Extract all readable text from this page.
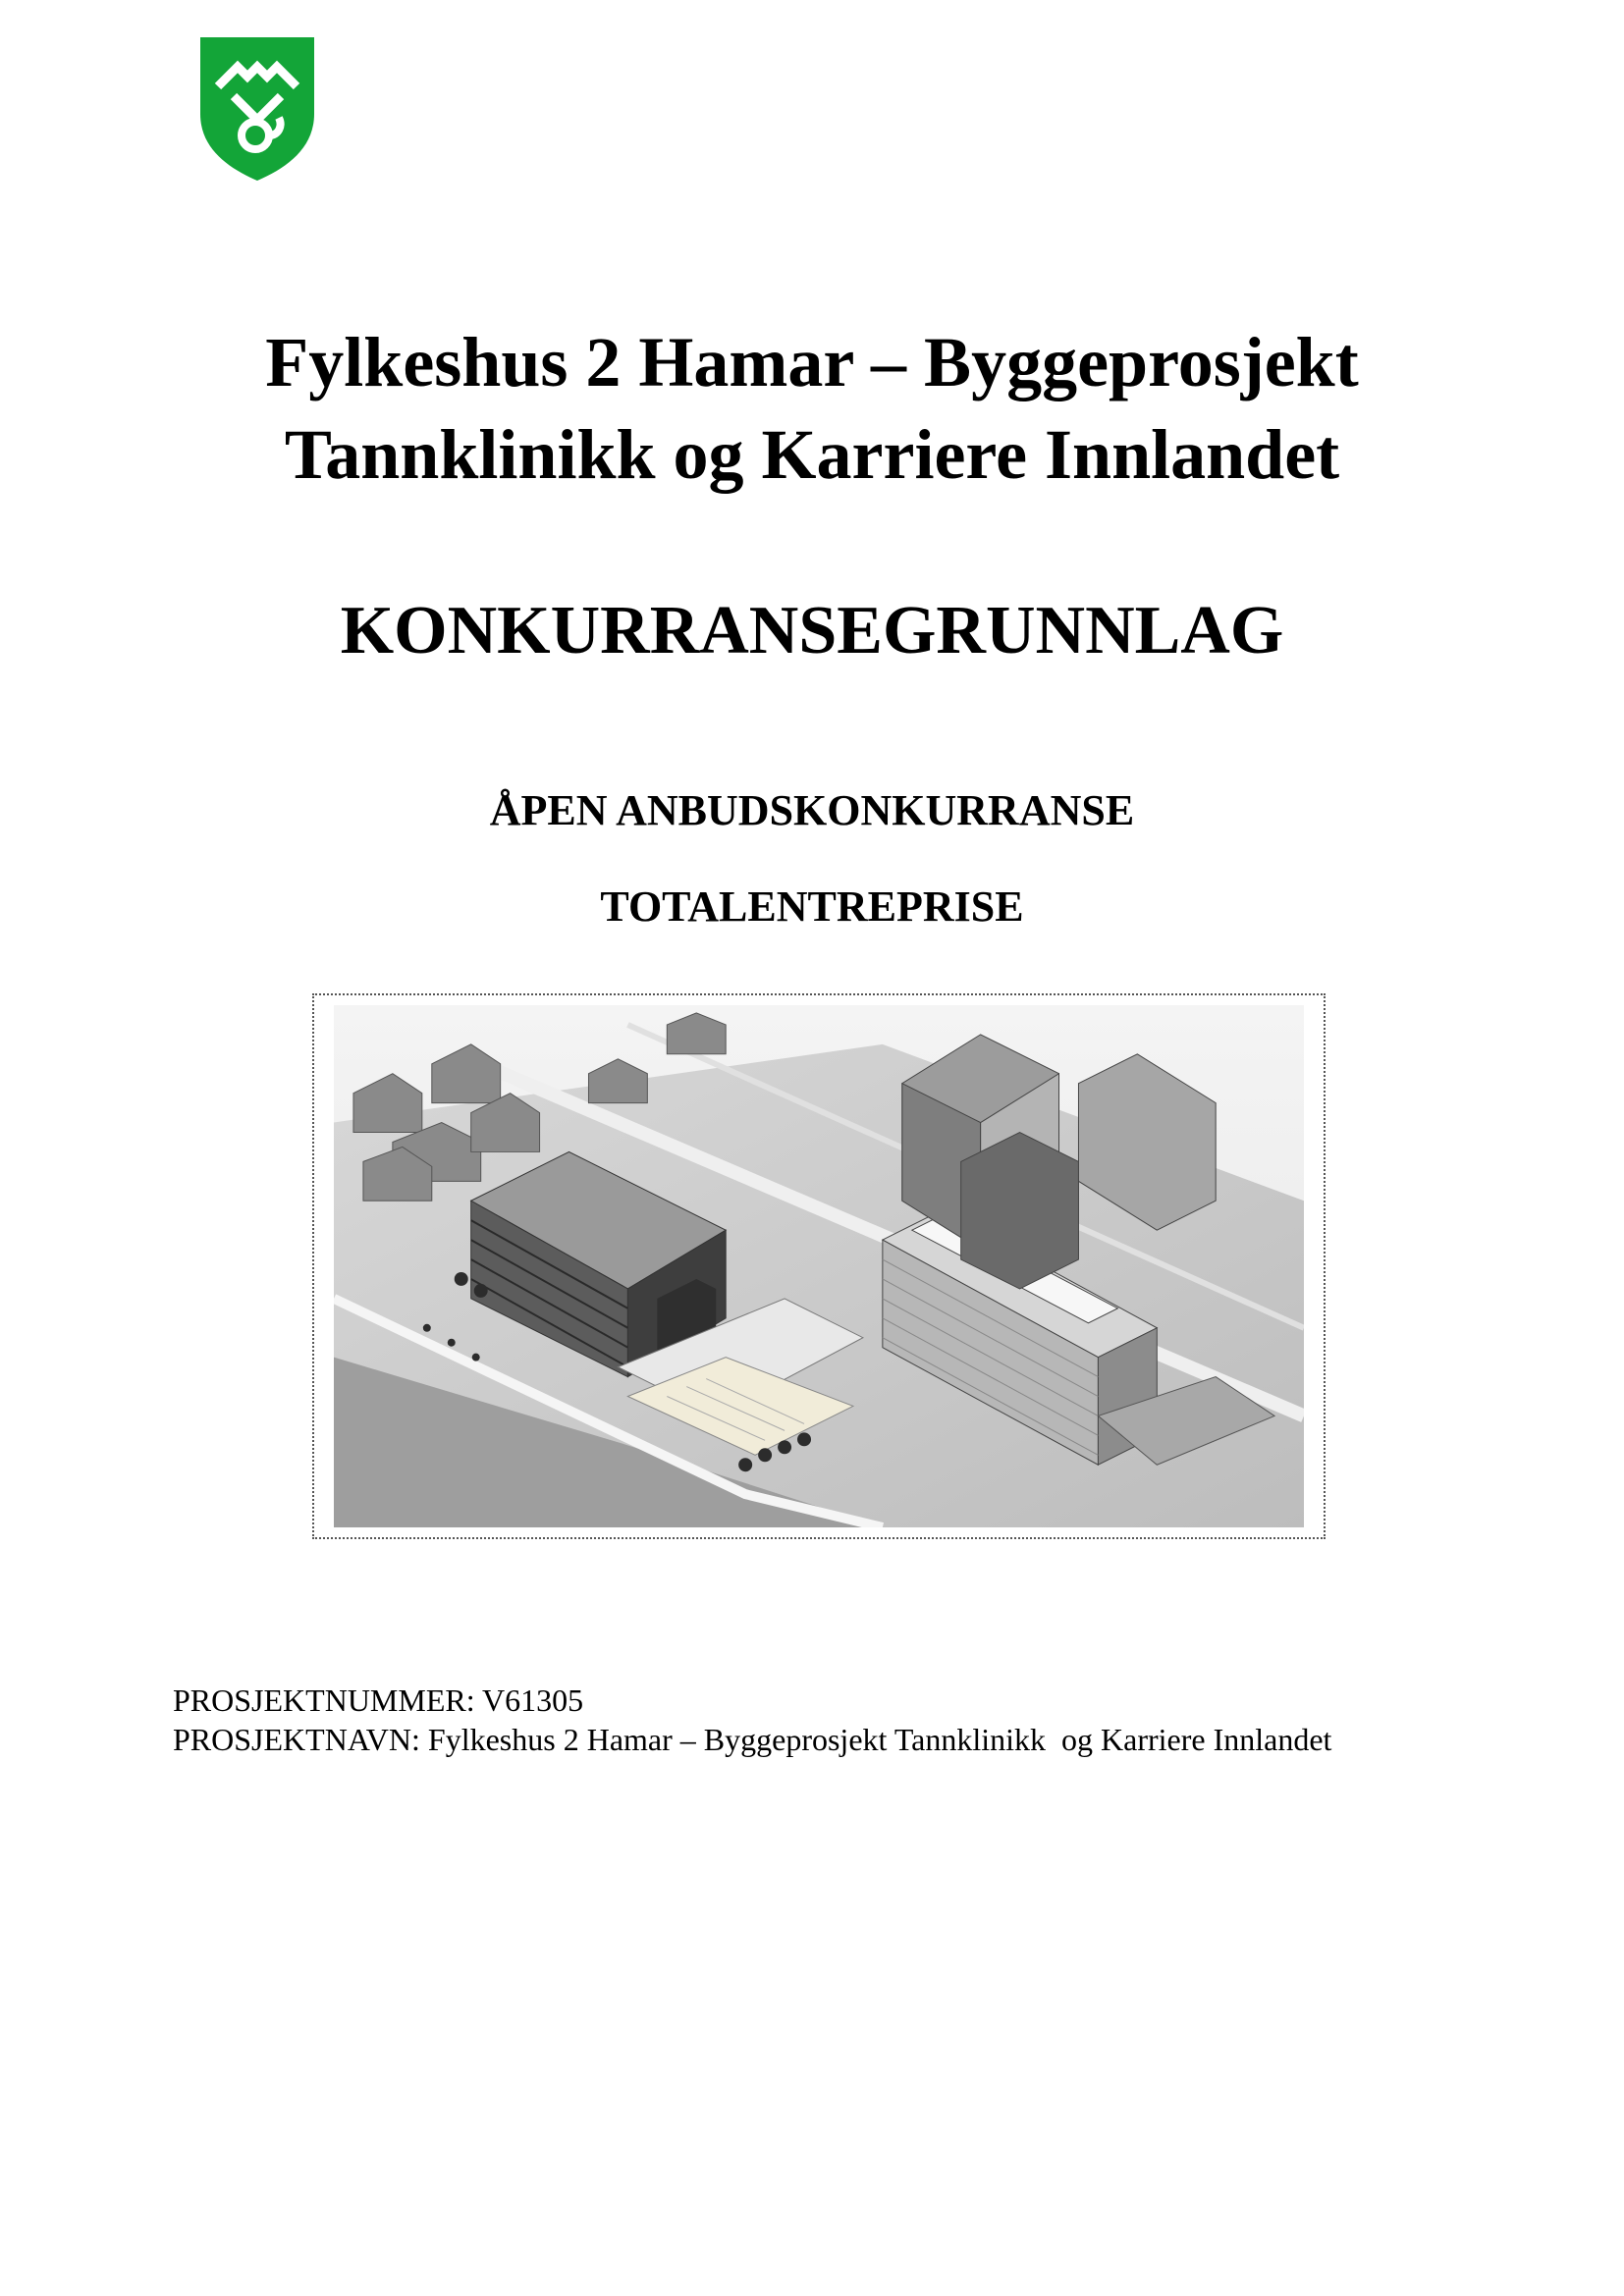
Fylkeshus 2 Hamar – Byggeprosjekt
Tannklinikk og Karriere Innlandet
KONKURRANSEGRUNNLAG
ÅPEN ANBUDSKONKURRANSE
TOTALENTREPRISE
PROSJEKTNUMMER: V61305
PROSJEKTNAVN: Fylkeshus 2 Hamar – Byggeprosjekt Tannklinikk  og Karriere Innlandet
